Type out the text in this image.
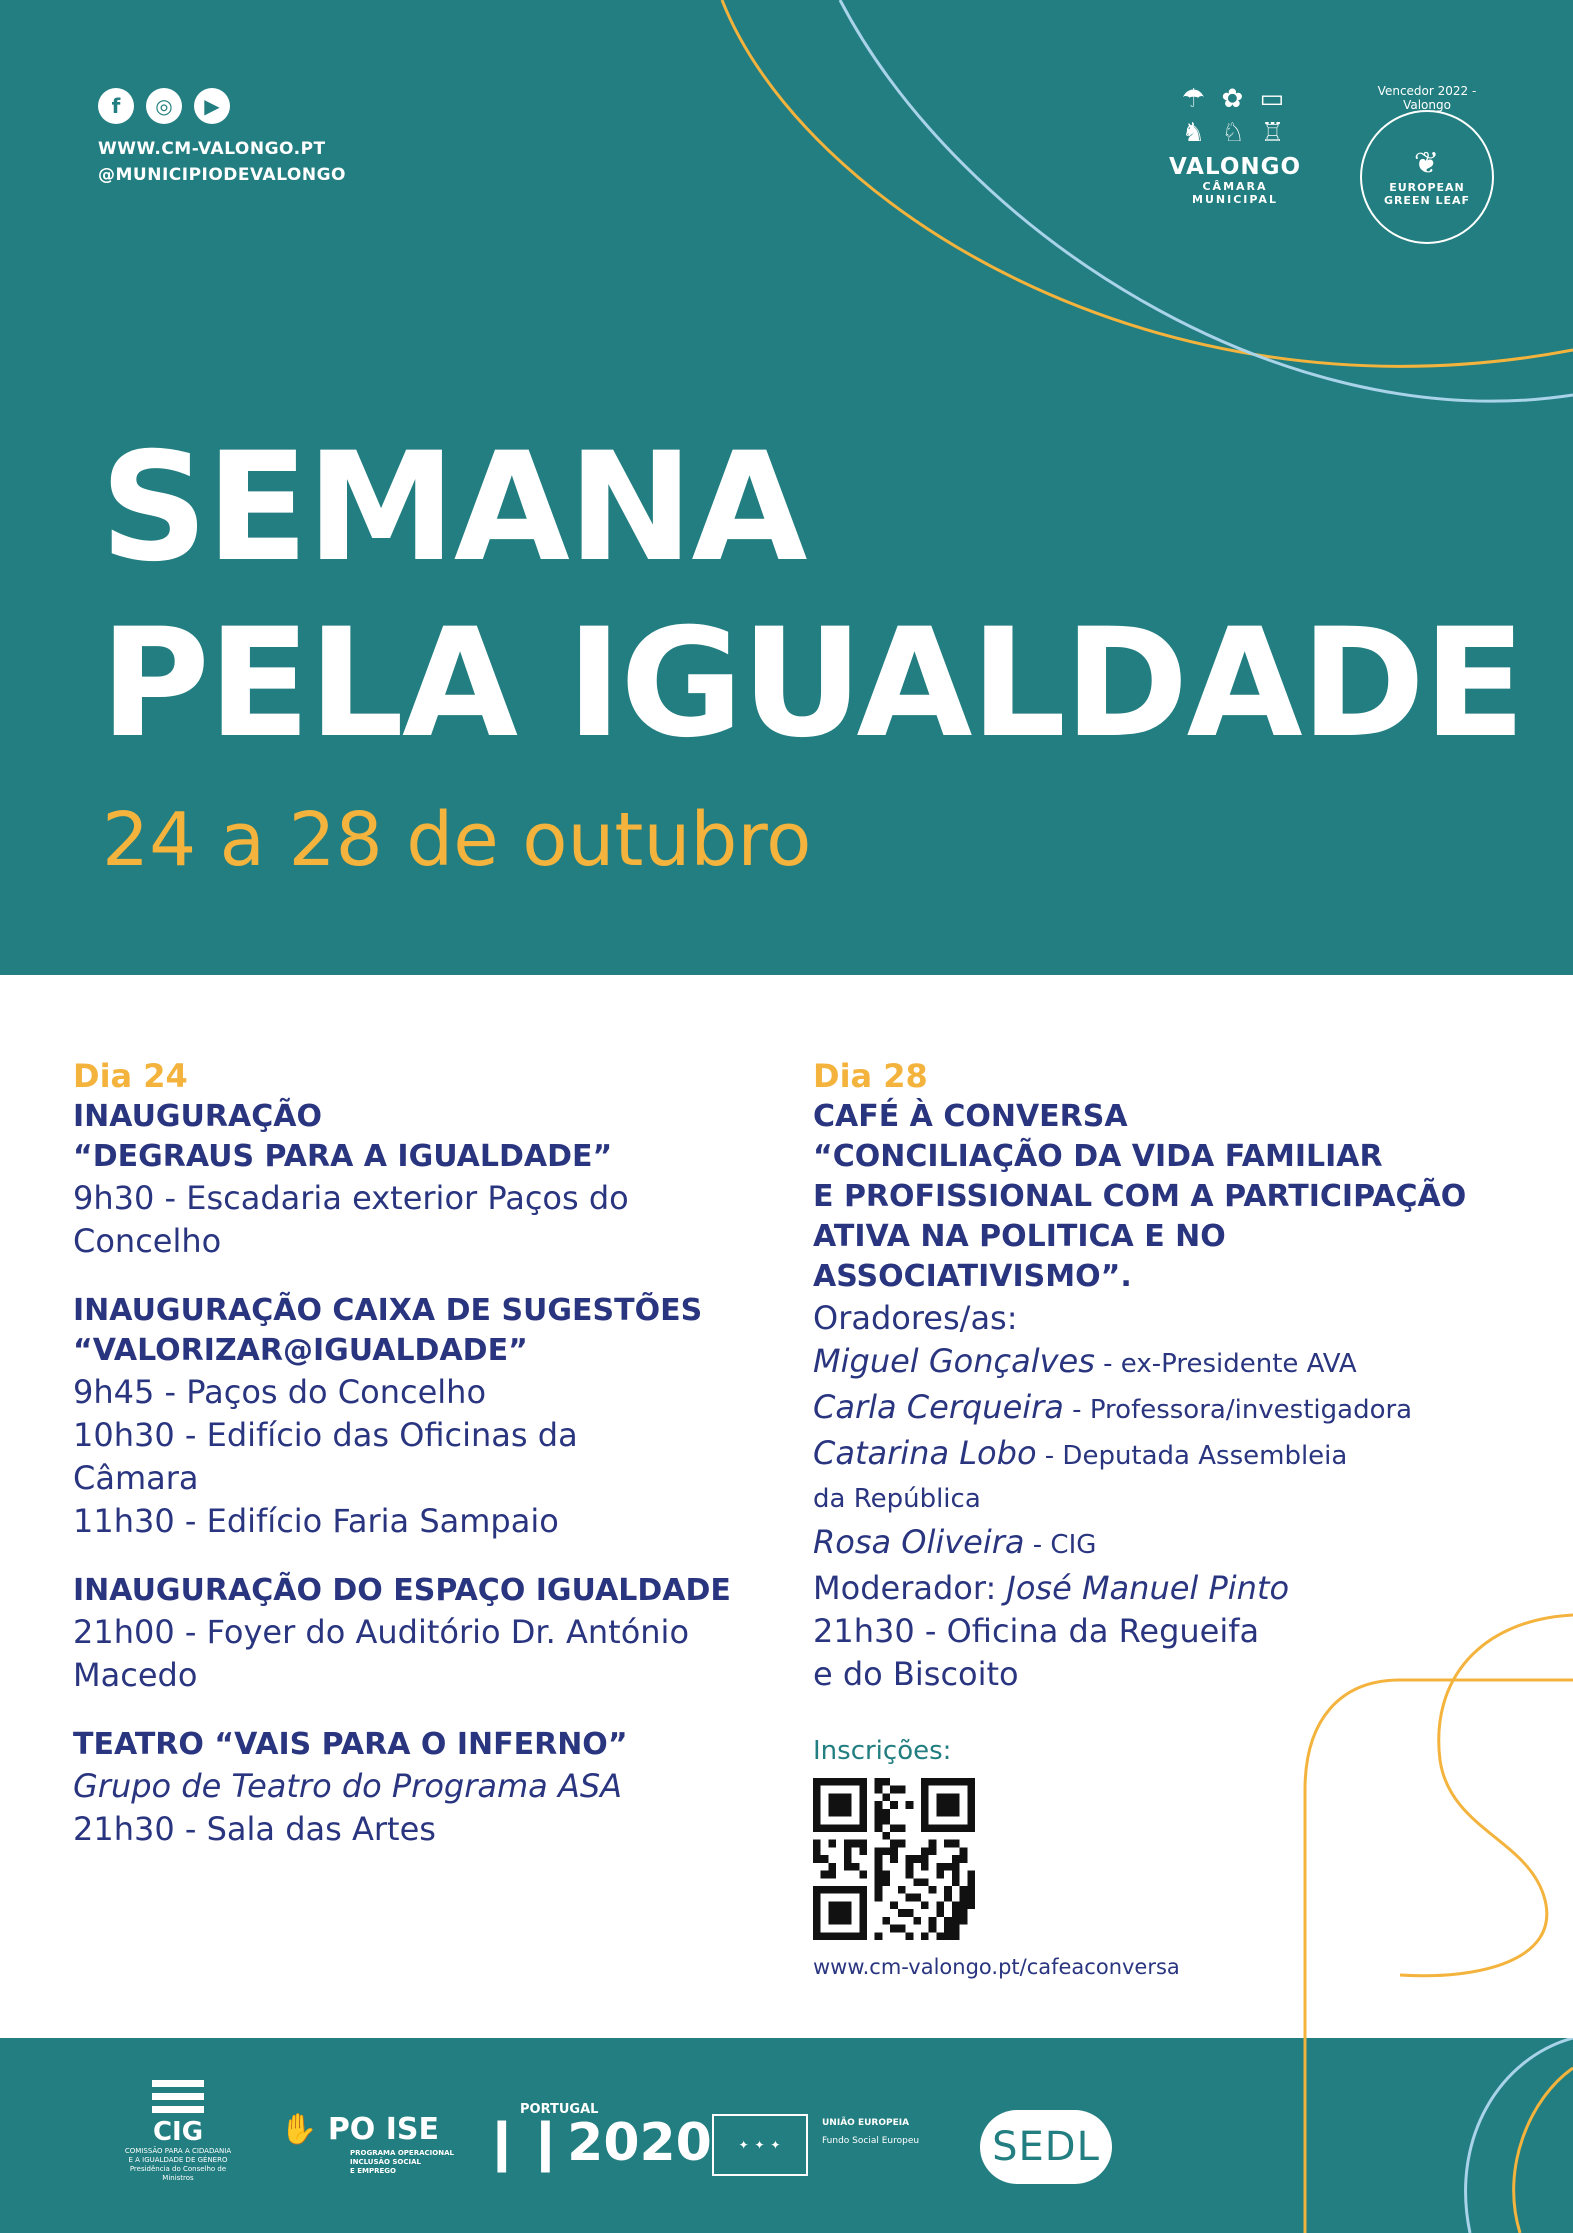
f	◎	▶
WWW.CM-VALONGO.PT
@MUNICIPIODEVALONGO
☂ ✿ ▭
♞ ♘ ♖
VALONGO
CÂMARA MUNICIPAL
Vencedor 2022 - Valongo
❦
EUROPEAN
GREEN LEAF
SEMANA
PELA IGUALDADE
24 a 28 de outubro
Dia 24
INAUGURAÇÃO
“DEGRAUS PARA A IGUALDADE”
9h30 - Escadaria exterior Paços do
Concelho
INAUGURAÇÃO CAIXA DE SUGESTÕES
“VALORIZAR@IGUALDADE”
9h45 - Paços do Concelho
10h30 - Edifício das Oficinas da
Câmara
11h30 - Edifício Faria Sampaio
INAUGURAÇÃO DO ESPAÇO IGUALDADE
21h00 - Foyer do Auditório Dr. António
Macedo
TEATRO “VAIS PARA O INFERNO”
Grupo de Teatro do Programa ASA
21h30 - Sala das Artes
Dia 28
CAFÉ À CONVERSA
“CONCILIAÇÃO DA VIDA FAMILIAR
E PROFISSIONAL COM A PARTICIPAÇÃO
ATIVA NA POLITICA E NO ASSOCIATIVISMO”.
Oradores/as:
Miguel Gonçalves - ex-Presidente AVA
Carla Cerqueira - Professora/investigadora
Catarina Lobo - Deputada Assembleia
da República
Rosa Oliveira - CIG
Moderador: José Manuel Pinto
21h30 - Oficina da Regueifa
e do Biscoito
Inscrições:
www.cm-valongo.pt/cafeaconversa
CIG
COMISSÃO PARA A CIDADANIA
E A IGUALDADE DE GÉNERO
Presidência do Conselho de Ministros
✋ PO ISE
PROGRAMA OPERACIONAL
INCLUSÃO SOCIAL
E EMPREGO
PORTUGAL
❙❙2020	✦ ✦ ✦
UNIÃO EUROPEIA
Fundo Social Europeu	SEDL
